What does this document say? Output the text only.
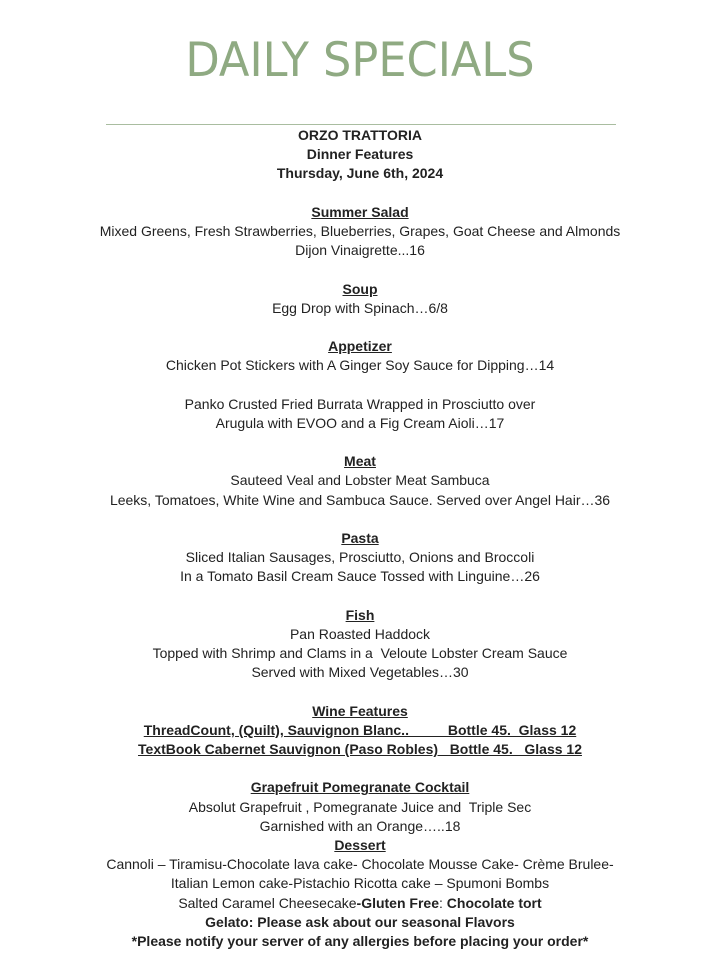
DAILY SPECIALS
ORZO TRATTORIA
Dinner Features
Thursday, June 6th, 2024
Summer Salad
Mixed Greens, Fresh Strawberries, Blueberries, Grapes, Goat Cheese and Almonds
Dijon Vinaigrette...16
Soup
Egg Drop with Spinach…6/8
Appetizer
Chicken Pot Stickers with A Ginger Soy Sauce for Dipping…14
Panko Crusted Fried Burrata Wrapped in Prosciutto over
Arugula with EVOO and a Fig Cream Aioli…17
Meat
Sauteed Veal and Lobster Meat Sambuca
Leeks, Tomatoes, White Wine and Sambuca Sauce. Served over Angel Hair…36
Pasta
Sliced Italian Sausages, Prosciutto, Onions and Broccoli
In a Tomato Basil Cream Sauce Tossed with Linguine…26
Fish
Pan Roasted Haddock
Topped with Shrimp and Clams in a  Veloute Lobster Cream Sauce
Served with Mixed Vegetables…30
Wine Features
ThreadCount, (Quilt), Sauvignon Blanc..          Bottle 45.  Glass 12
TextBook Cabernet Sauvignon (Paso Robles)   Bottle 45.   Glass 12
Grapefruit Pomegranate Cocktail
Absolut Grapefruit , Pomegranate Juice and  Triple Sec
Garnished with an Orange…..18
Dessert
Cannoli – Tiramisu-Chocolate lava cake- Chocolate Mousse Cake- Crème Brulee-
Italian Lemon cake-Pistachio Ricotta cake – Spumoni Bombs
Salted Caramel Cheesecake-Gluten Free: Chocolate tort
Gelato: Please ask about our seasonal Flavors
*Please notify your server of any allergies before placing your order*
